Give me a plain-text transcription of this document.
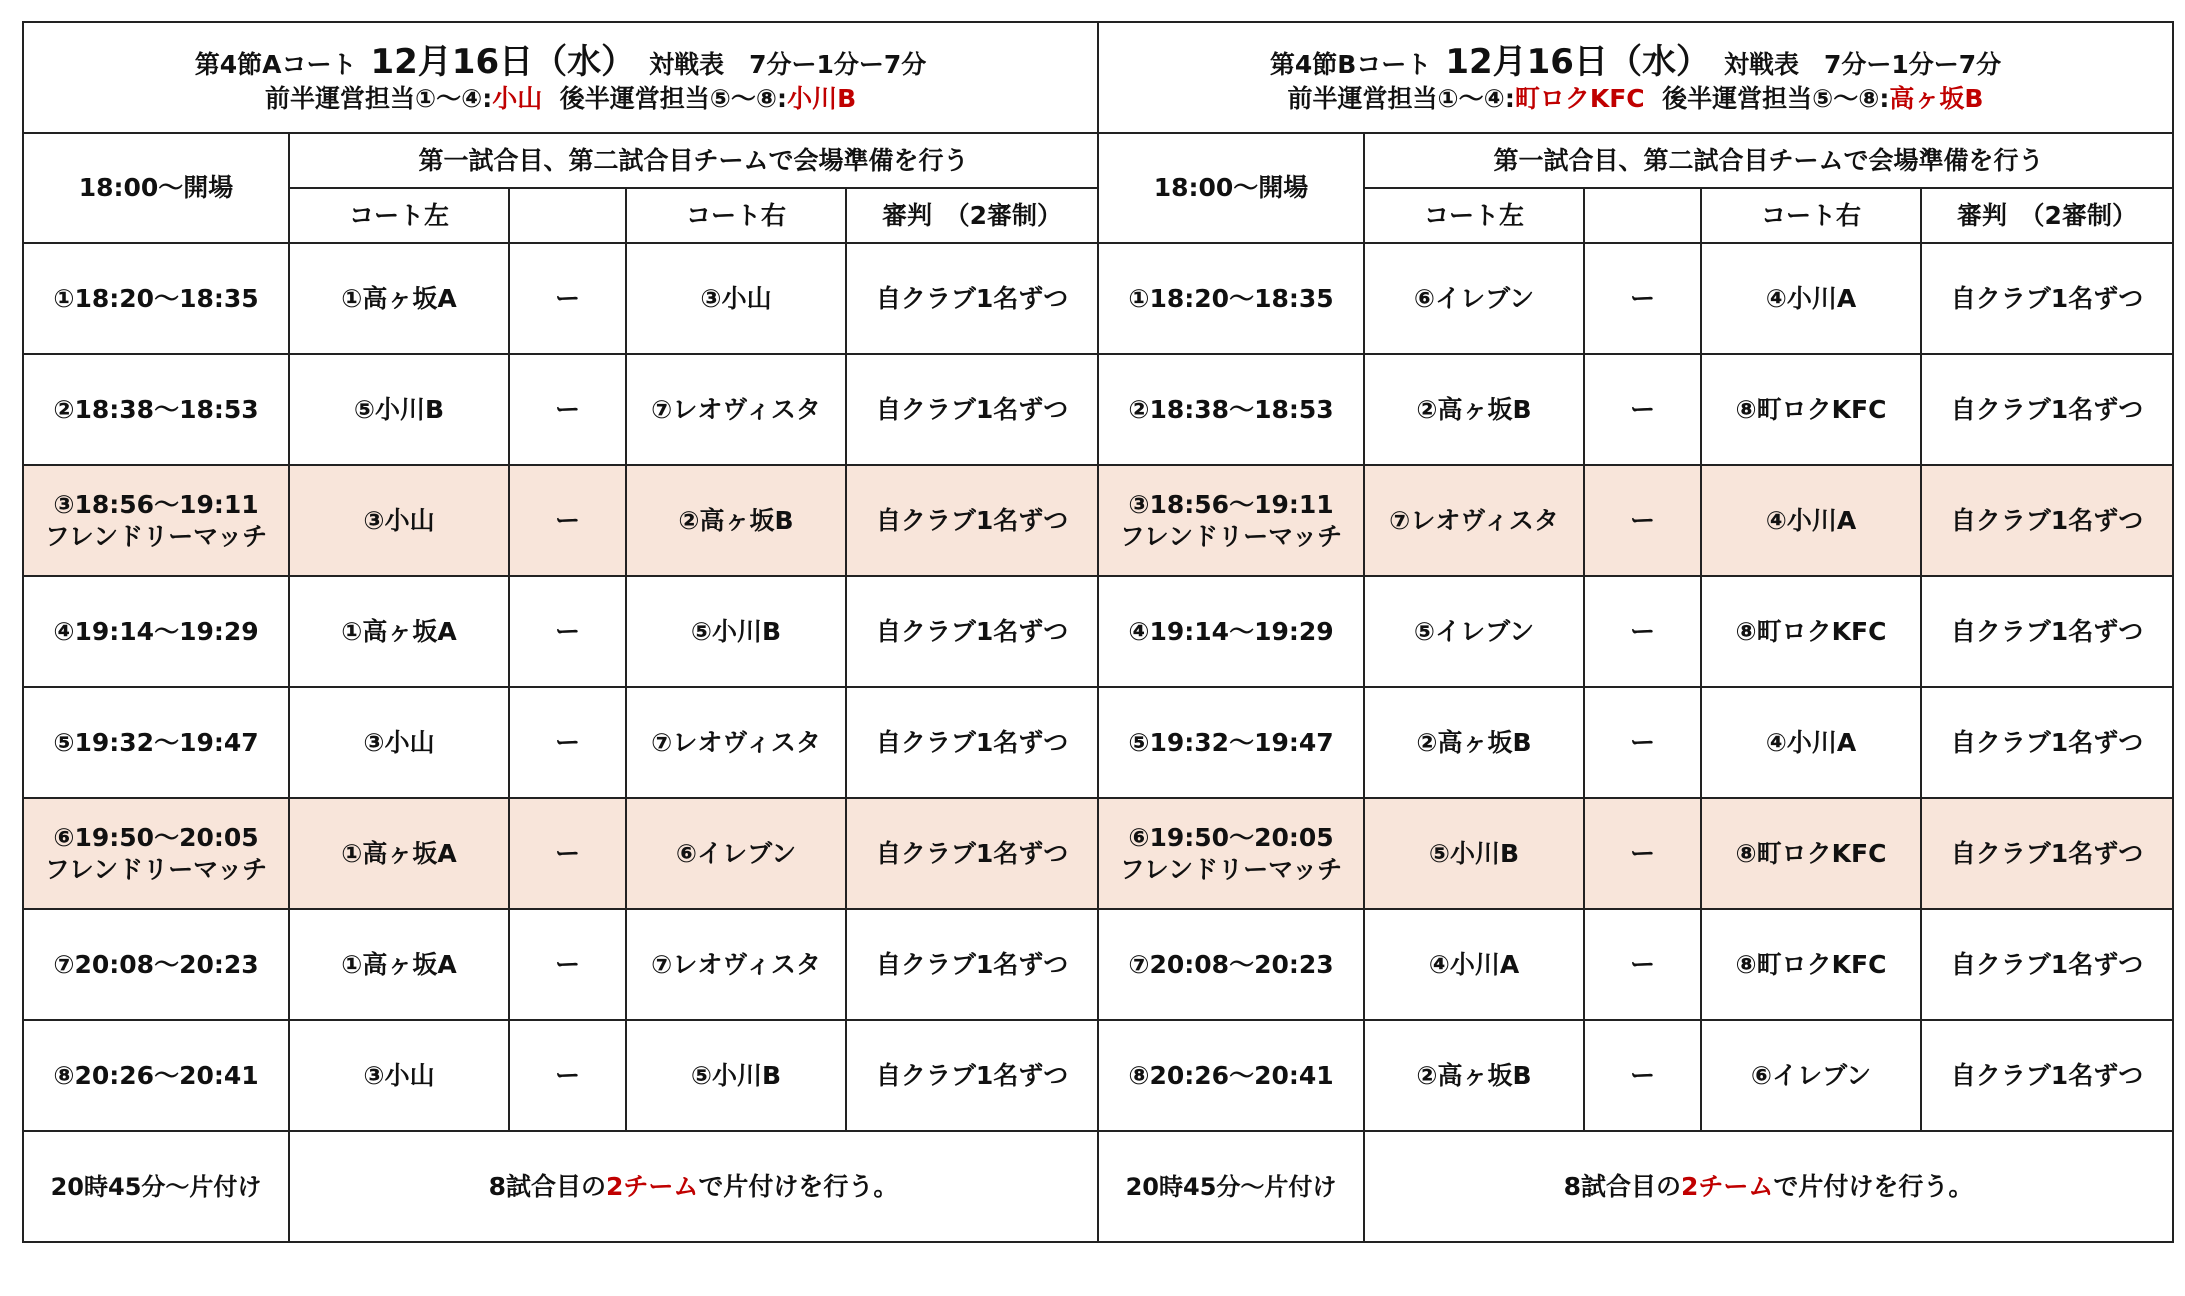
第4節Aコート 12月16日（水） 対戦表　7分ー1分ー7分
前半運営担当①～④:小山 後半運営担当⑤～⑧:小川B				

18:00～開場	第一試合目、第二試合目チームで会場準備を行う			
	コート左		コート右	審判　（2審制）

①18:20～18:35	①高ヶ坂A	ー	③小山	自クラブ1名ずつ

②18:38～18:53	⑤小川B	ー	⑦レオヴィスタ	自クラブ1名ずつ

③18:56～19:11
フレンドリーマッチ	③小山	ー	②高ヶ坂B	自クラブ1名ずつ

④19:14～19:29	①高ヶ坂A	ー	⑤小川B	自クラブ1名ずつ

⑤19:32～19:47	③小山	ー	⑦レオヴィスタ	自クラブ1名ずつ

⑥19:50～20:05
フレンドリーマッチ	①高ヶ坂A	ー	⑥イレブン	自クラブ1名ずつ

⑦20:08～20:23	①高ヶ坂A	ー	⑦レオヴィスタ	自クラブ1名ずつ

⑧20:26～20:41	③小山	ー	⑤小川B	自クラブ1名ずつ
20時45分～片付け	8試合目の2チームで片付けを行う。			
第4節Bコート 12月16日（水） 対戦表　7分ー1分ー7分
前半運営担当①～④:町ロクKFC 後半運営担当⑤～⑧:高ヶ坂B				

18:00～開場	第一試合目、第二試合目チームで会場準備を行う			
	コート左		コート右	審判　（2審制）

①18:20～18:35	⑥イレブン	ー	④小川A	自クラブ1名ずつ

②18:38～18:53	②高ヶ坂B	ー	⑧町ロクKFC	自クラブ1名ずつ

③18:56～19:11
フレンドリーマッチ	⑦レオヴィスタ	ー	④小川A	自クラブ1名ずつ

④19:14～19:29	⑤イレブン	ー	⑧町ロクKFC	自クラブ1名ずつ

⑤19:32～19:47	②高ヶ坂B	ー	④小川A	自クラブ1名ずつ

⑥19:50～20:05
フレンドリーマッチ	⑤小川B	ー	⑧町ロクKFC	自クラブ1名ずつ

⑦20:08～20:23	④小川A	ー	⑧町ロクKFC	自クラブ1名ずつ

⑧20:26～20:41	②高ヶ坂B	ー	⑥イレブン	自クラブ1名ずつ
20時45分～片付け	8試合目の2チームで片付けを行う。			
